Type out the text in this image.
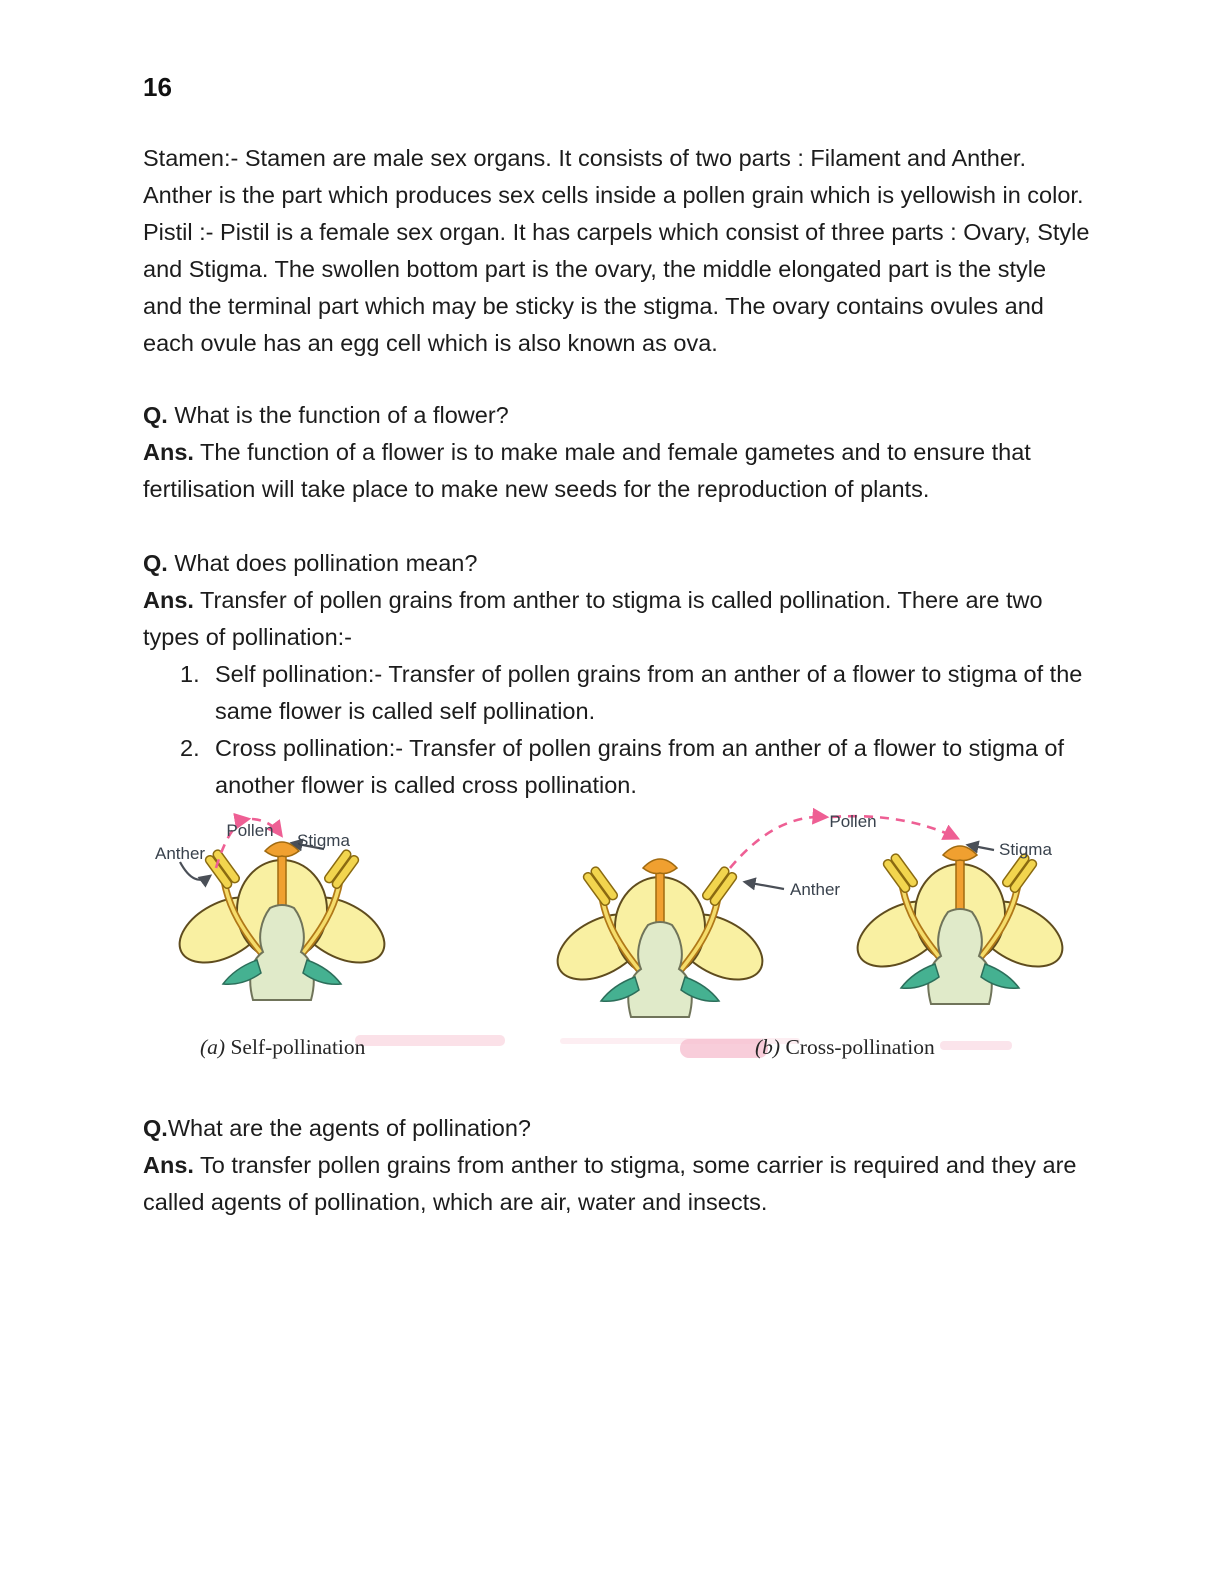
16

Stamen:- Stamen are male sex organs. It consists of two parts : Filament and Anther. Anther is the part which produces sex cells inside a pollen grain which is yellowish in color.

Pistil :- Pistil is a female sex organ. It has carpels which consist of three parts : Ovary, Style and Stigma. The swollen bottom part is the ovary, the middle elongated part is the style and the terminal part which may be sticky is the stigma. The ovary contains ovules and each ovule has an egg cell which is also known as ova.

Q. What is the function of a flower?

Ans. The function of a flower is to make male and female gametes and to ensure that fertilisation will take place to make new seeds for the reproduction of plants.

Q. What does pollination mean?

Ans. Transfer of pollen grains from anther to stigma is called pollination. There are two types of pollination:-

1. Self pollination:- Transfer of pollen grains from an anther of a flower to stigma of the same flower is called self pollination.
2. Cross pollination:- Transfer of pollen grains from an anther of a flower to stigma of another flower is called cross pollination.
Anther
Pollen
Stigma
Pollen
Anther
Stigma
(a) Self-pollination	(b) Cross-pollination

Q.What are the agents of pollination?

Ans. To transfer pollen grains from anther to stigma, some carrier is required and they are called agents of pollination, which are air, water and insects.
